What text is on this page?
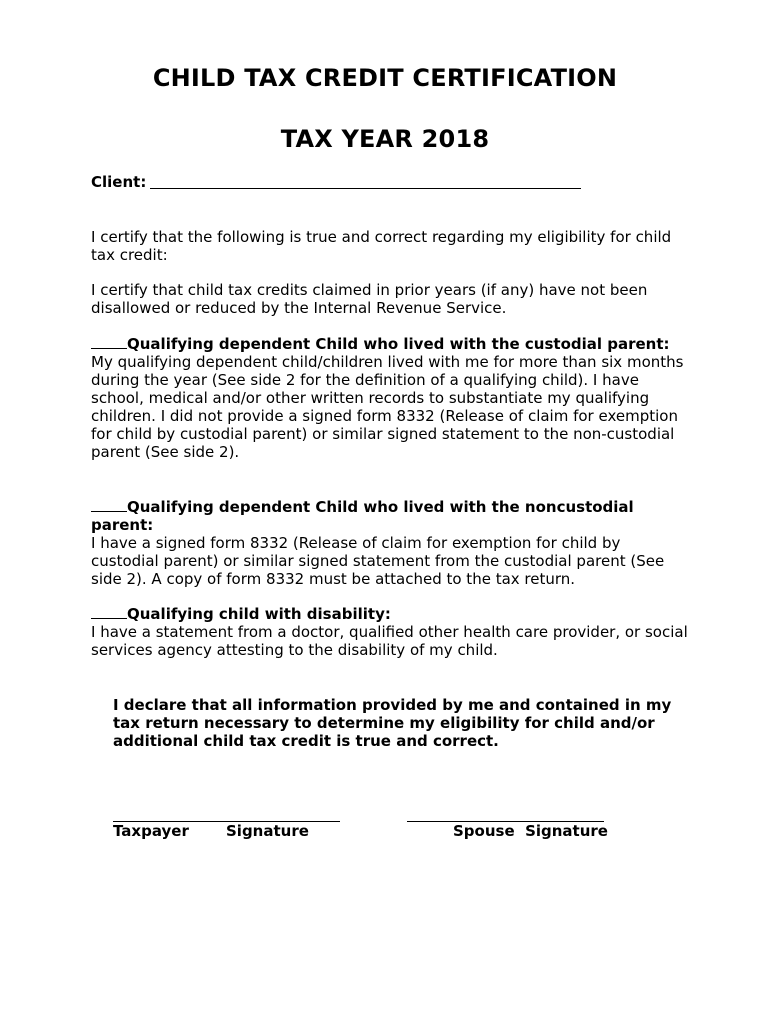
CHILD TAX CREDIT CERTIFICATION
TAX YEAR 2018
Client:
I certify that the following is true and correct regarding my eligibility for child tax credit:
I certify that child tax credits claimed in prior years (if any) have not been disallowed or reduced by the Internal Revenue Service.
Qualifying dependent Child who lived with the custodial parent:
My qualifying dependent child/children lived with me for more than six months during the year (See side 2 for the definition of a qualifying child). I have school, medical and/or other written records to substantiate my qualifying children. I did not provide a signed form 8332 (Release of claim for exemption for child by custodial parent) or similar signed statement to the non-custodial parent (See side 2).
Qualifying dependent Child who lived with the noncustodial parent:
I have a signed form 8332 (Release of claim for exemption for child by custodial parent) or similar signed statement from the custodial parent (See side 2). A copy of form 8332 must be attached to the tax return.
Qualifying child with disability:
I have a statement from a doctor, qualified other health care provider, or social services agency attesting to the disability of my child.
I declare that all information provided by me and contained in my tax return necessary to determine my eligibility for child and/or additional child tax credit is true and correct.
Taxpayer Signature	Spouse  Signature
